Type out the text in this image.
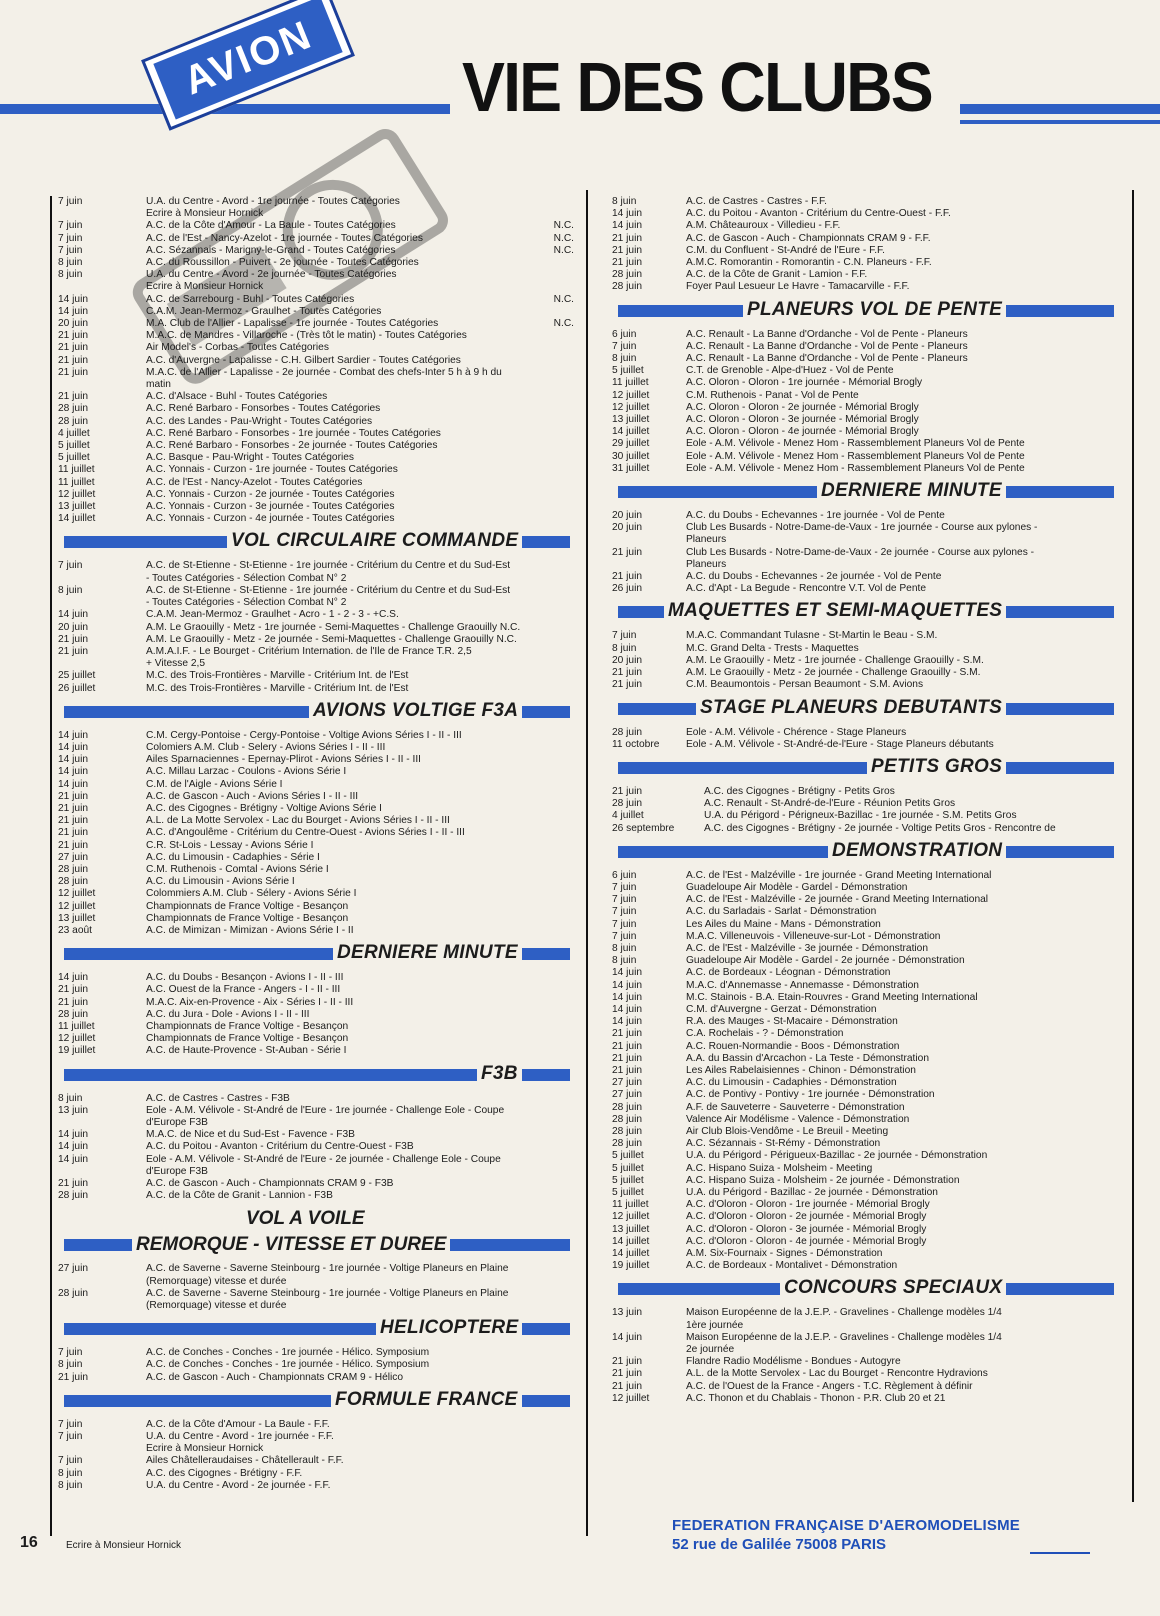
VIE DES CLUBS
AVION
7 juin	U.A. du Centre - Avord - 1re journée - Toutes Catégories
Ecrire à Monsieur Hornick
7 juin	A.C. de la Côte d'Amour - La Baule - Toutes Catégories	N.C.
7 juin	A.C. de l'Est - Nancy-Azelot - 1re journée - Toutes Catégories	N.C.
7 juin	A.C. Sézannais - Marigny-le-Grand - Toutes Catégories	N.C.
8 juin	A.C. du Roussillon - Puivert - 2e journée - Toutes Catégories
8 juin	U.A. du Centre - Avord - 2e journée - Toutes Catégories
Ecrire à Monsieur Hornick
14 juin	A.C. de Sarrebourg - Buhl - Toutes Catégories	N.C.
14 juin	C.A.M. Jean-Mermoz - Graulhet - Toutes Catégories
20 juin	M.A. Club de l'Allier - Lapalisse - 1re journée - Toutes Catégories	N.C.
21 juin	M.A.C. de Mandres - Villaroche - (Très tôt le matin) - Toutes Catégories
21 juin	Air Model's - Corbas - Toutes Catégories
21 juin	A.C. d'Auvergne - Lapalisse - C.H. Gilbert Sardier - Toutes Catégories
21 juin	M.A.C. de l'Allier - Lapalisse - 2e journée - Combat des chefs-Inter 5 h à 9 h du
matin
21 juin	A.C. d'Alsace - Buhl - Toutes Catégories
28 juin	A.C. René Barbaro - Fonsorbes - Toutes Catégories
28 juin	A.C. des Landes - Pau-Wright - Toutes Catégories
4 juillet	A.C. René Barbaro - Fonsorbes - 1re journée - Toutes Catégories
5 juillet	A.C. René Barbaro - Fonsorbes - 2e journée - Toutes Catégories
5 juillet	A.C. Basque - Pau-Wright - Toutes Catégories
11 juillet	A.C. Yonnais - Curzon - 1re journée - Toutes Catégories
11 juillet	A.C. de l'Est - Nancy-Azelot - Toutes Catégories
12 juillet	A.C. Yonnais - Curzon - 2e journée - Toutes Catégories
13 juillet	A.C. Yonnais - Curzon - 3e journée - Toutes Catégories
14 juillet	A.C. Yonnais - Curzon - 4e journée - Toutes Catégories
VOL CIRCULAIRE COMMANDE
7 juin	A.C. de St-Etienne - St-Etienne - 1re journée - Critérium du Centre et du Sud-Est
- Toutes Catégories - Sélection Combat N° 2
8 juin	A.C. de St-Etienne - St-Etienne - 1re journée - Critérium du Centre et du Sud-Est
- Toutes Catégories - Sélection Combat N° 2
14 juin	C.A.M. Jean-Mermoz - Graulhet - Acro - 1 - 2 - 3 - +C.S.
20 juin	A.M. Le Graouilly - Metz - 1re journée - Semi-Maquettes - Challenge Graouilly N.C.
21 juin	A.M. Le Graouilly - Metz - 2e journée - Semi-Maquettes - Challenge Graouilly N.C.
21 juin	A.M.A.I.F. - Le Bourget - Critérium Internation. de l'Ile de France T.R. 2,5
+ Vitesse 2,5
25 juillet	M.C. des Trois-Frontières - Marville - Critérium Int. de l'Est
26 juillet	M.C. des Trois-Frontières - Marville - Critérium Int. de l'Est
AVIONS VOLTIGE F3A
14 juin	C.M. Cergy-Pontoise - Cergy-Pontoise - Voltige Avions Séries I - II - III
14 juin	Colomiers A.M. Club - Selery - Avions Séries I - II - III
14 juin	Ailes Sparnaciennes - Epernay-Plirot - Avions Séries I - II - III
14 juin	A.C. Millau Larzac - Coulons - Avions Série I
14 juin	C.M. de l'Aigle - Avions Série I
21 juin	A.C. de Gascon - Auch - Avions Séries I - II - III
21 juin	A.C. des Cigognes - Brétigny - Voltige Avions Série I
21 juin	A.L. de La Motte Servolex - Lac du Bourget - Avions Séries I - II - III
21 juin	A.C. d'Angoulême - Critérium du Centre-Ouest - Avions Séries I - II - III
21 juin	C.R. St-Lois - Lessay - Avions Série I
27 juin	A.C. du Limousin - Cadaphies - Série I
28 juin	C.M. Ruthenois - Comtal - Avions Série I
28 juin	A.C. du Limousin - Avions Série I
12 juillet	Colommiers A.M. Club - Sélery - Avions Série I
12 juillet	Championnats de France Voltige - Besançon
13 juillet	Championnats de France Voltige - Besançon
23 août	A.C. de Mimizan - Mimizan - Avions Série I - II
DERNIERE MINUTE
14 juin	A.C. du Doubs - Besançon - Avions I - II - III
21 juin	A.C. Ouest de la France - Angers - I - II - III
21 juin	M.A.C. Aix-en-Provence - Aix - Séries I - II - III
28 juin	A.C. du Jura - Dole - Avions I - II - III
11 juillet	Championnats de France Voltige - Besançon
12 juillet	Championnats de France Voltige - Besançon
19 juillet	A.C. de Haute-Provence - St-Auban - Série I
F3B
8 juin	A.C. de Castres - Castres - F3B
13 juin	Eole - A.M. Vélivole - St-André de l'Eure - 1re journée - Challenge Eole - Coupe
d'Europe F3B
14 juin	M.A.C. de Nice et du Sud-Est - Favence - F3B
14 juin	A.C. du Poitou - Avanton - Critérium du Centre-Ouest - F3B
14 juin	Eole - A.M. Vélivole - St-André de l'Eure - 2e journée - Challenge Eole - Coupe
d'Europe F3B
21 juin	A.C. de Gascon - Auch - Championnats CRAM 9 - F3B
28 juin	A.C. de la Côte de Granit - Lannion - F3B
VOL A VOILE
REMORQUE - VITESSE ET DUREE
27 juin	A.C. de Saverne - Saverne Steinbourg - 1re journée - Voltige Planeurs en Plaine
(Remorquage) vitesse et durée
28 juin	A.C. de Saverne - Saverne Steinbourg - 1re journée - Voltige Planeurs en Plaine
(Remorquage) vitesse et durée
HELICOPTERE
7 juin	A.C. de Conches - Conches - 1re journée - Hélico. Symposium
8 juin	A.C. de Conches - Conches - 1re journée - Hélico. Symposium
21 juin	A.C. de Gascon - Auch - Championnats CRAM 9 - Hélico
FORMULE FRANCE
7 juin	A.C. de la Côte d'Amour - La Baule - F.F.
7 juin	U.A. du Centre - Avord - 1re journée - F.F.
Ecrire à Monsieur Hornick
7 juin	Ailes Châtelleraudaises - Châtellerault - F.F.
8 juin	A.C. des Cigognes - Brétigny - F.F.
8 juin	U.A. du Centre - Avord - 2e journée - F.F.
8 juin	A.C. de Castres - Castres - F.F.
14 juin	A.C. du Poitou - Avanton - Critérium du Centre-Ouest - F.F.
14 juin	A.M. Châteauroux - Villedieu - F.F.
21 juin	A.C. de Gascon - Auch - Championnats CRAM 9 - F.F.
21 juin	C.M. du Confluent - St-André de l'Eure - F.F.
21 juin	A.M.C. Romorantin - Romorantin - C.N. Planeurs - F.F.
28 juin	A.C. de la Côte de Granit - Lamion - F.F.
28 juin	Foyer Paul Lesueur Le Havre - Tamacarville - F.F.
PLANEURS VOL DE PENTE
6 juin	A.C. Renault - La Banne d'Ordanche - Vol de Pente - Planeurs
7 juin	A.C. Renault - La Banne d'Ordanche - Vol de Pente - Planeurs
8 juin	A.C. Renault - La Banne d'Ordanche - Vol de Pente - Planeurs
5 juillet	C.T. de Grenoble - Alpe-d'Huez - Vol de Pente
11 juillet	A.C. Oloron - Oloron - 1re journée - Mémorial Brogly
12 juillet	C.M. Ruthenois - Panat - Vol de Pente
12 juillet	A.C. Oloron - Oloron - 2e journée - Mémorial Brogly
13 juillet	A.C. Oloron - Oloron - 3e journée - Mémorial Brogly
14 juillet	A.C. Oloron - Oloron - 4e journée - Mémorial Brogly
29 juillet	Eole - A.M. Vélivole - Menez Hom - Rassemblement Planeurs Vol de Pente
30 juillet	Eole - A.M. Vélivole - Menez Hom - Rassemblement Planeurs Vol de Pente
31 juillet	Eole - A.M. Vélivole - Menez Hom - Rassemblement Planeurs Vol de Pente
DERNIERE MINUTE
20 juin	A.C. du Doubs - Echevannes - 1re journée - Vol de Pente
20 juin	Club Les Busards - Notre-Dame-de-Vaux - 1re journée - Course aux pylones -
Planeurs
21 juin	Club Les Busards - Notre-Dame-de-Vaux - 2e journée - Course aux pylones -
Planeurs
21 juin	A.C. du Doubs - Echevannes - 2e journée - Vol de Pente
26 juin	A.C. d'Apt - La Begude - Rencontre V.T. Vol de Pente
MAQUETTES ET SEMI-MAQUETTES
7 juin	M.A.C. Commandant Tulasne - St-Martin le Beau - S.M.
8 juin	M.C. Grand Delta - Trests - Maquettes
20 juin	A.M. Le Graouilly - Metz - 1re journée - Challenge Graouilly - S.M.
21 juin	A.M. Le Graouilly - Metz - 2e journée - Challenge Graouilly - S.M.
21 juin	C.M. Beaumontois - Persan Beaumont - S.M. Avions
STAGE PLANEURS DEBUTANTS
28 juin	Eole - A.M. Vélivole - Chérence - Stage Planeurs
11 octobre	Eole - A.M. Vélivole - St-André-de-l'Eure - Stage Planeurs débutants
PETITS GROS
21 juin	A.C. des Cigognes - Brétigny - Petits Gros
28 juin	A.C. Renault - St-André-de-l'Eure - Réunion Petits Gros
4 juillet	U.A. du Périgord - Périgneux-Bazillac - 1re journée - S.M. Petits Gros
26 septembre	A.C. des Cigognes - Brétigny - 2e journée - Voltige Petits Gros - Rencontre de
DEMONSTRATION
6 juin	A.C. de l'Est - Malzéville - 1re journée - Grand Meeting International
7 juin	Guadeloupe Air Modèle - Gardel - Démonstration
7 juin	A.C. de l'Est - Malzéville - 2e journée - Grand Meeting International
7 juin	A.C. du Sarladais - Sarlat - Démonstration
7 juin	Les Ailes du Maine - Mans - Démonstration
7 juin	M.A.C. Villeneuvois - Villeneuve-sur-Lot - Démonstration
8 juin	A.C. de l'Est - Malzéville - 3e journée - Démonstration
8 juin	Guadeloupe Air Modèle - Gardel - 2e journée - Démonstration
14 juin	A.C. de Bordeaux - Léognan - Démonstration
14 juin	M.A.C. d'Annemasse - Annemasse - Démonstration
14 juin	M.C. Stainois - B.A. Etain-Rouvres - Grand Meeting International
14 juin	C.M. d'Auvergne - Gerzat - Démonstration
14 juin	R.A. des Mauges - St-Macaire - Démonstration
21 juin	C.A. Rochelais - ? - Démonstration
21 juin	A.C. Rouen-Normandie - Boos - Démonstration
21 juin	A.A. du Bassin d'Arcachon - La Teste - Démonstration
21 juin	Les Ailes Rabelaisiennes - Chinon - Démonstration
27 juin	A.C. du Limousin - Cadaphies - Démonstration
27 juin	A.C. de Pontivy - Pontivy - 1re journée - Démonstration
28 juin	A.F. de Sauveterre - Sauveterre - Démonstration
28 juin	Valence Air Modélisme - Valence - Démonstration
28 juin	Air Club Blois-Vendôme - Le Breuil - Meeting
28 juin	A.C. Sézannais - St-Rémy - Démonstration
5 juillet	U.A. du Périgord - Périgueux-Bazillac - 2e journée - Démonstration
5 juillet	A.C. Hispano Suiza - Molsheim - Meeting
5 juillet	A.C. Hispano Suiza - Molsheim - 2e journée - Démonstration
5 juillet	U.A. du Périgord - Bazillac - 2e journée - Démonstration
11 juillet	A.C. d'Oloron - Oloron - 1re journée - Mémorial Brogly
12 juillet	A.C. d'Oloron - Oloron - 2e journée - Mémorial Brogly
13 juillet	A.C. d'Oloron - Oloron - 3e journée - Mémorial Brogly
14 juillet	A.C. d'Oloron - Oloron - 4e journée - Mémorial Brogly
14 juillet	A.M. Six-Fournaix - Signes - Démonstration
19 juillet	A.C. de Bordeaux - Montalivet - Démonstration
CONCOURS SPECIAUX
13 juin	Maison Européenne de la J.E.P. - Gravelines - Challenge modèles 1/4
1ère journée
14 juin	Maison Européenne de la J.E.P. - Gravelines - Challenge modèles 1/4
2e journée
21 juin	Flandre Radio Modélisme - Bondues - Autogyre
21 juin	A.L. de la Motte Servolex - Lac du Bourget - Rencontre Hydravions
21 juin	A.C. de l'Ouest de la France - Angers - T.C. Règlement à définir
12 juillet	A.C. Thonon et du Chablais - Thonon - P.R. Club 20 et 21
16	Ecrire à Monsieur Hornick
FEDERATION FRANÇAISE D'AEROMODELISME
52 rue de Galilée 75008 PARIS
